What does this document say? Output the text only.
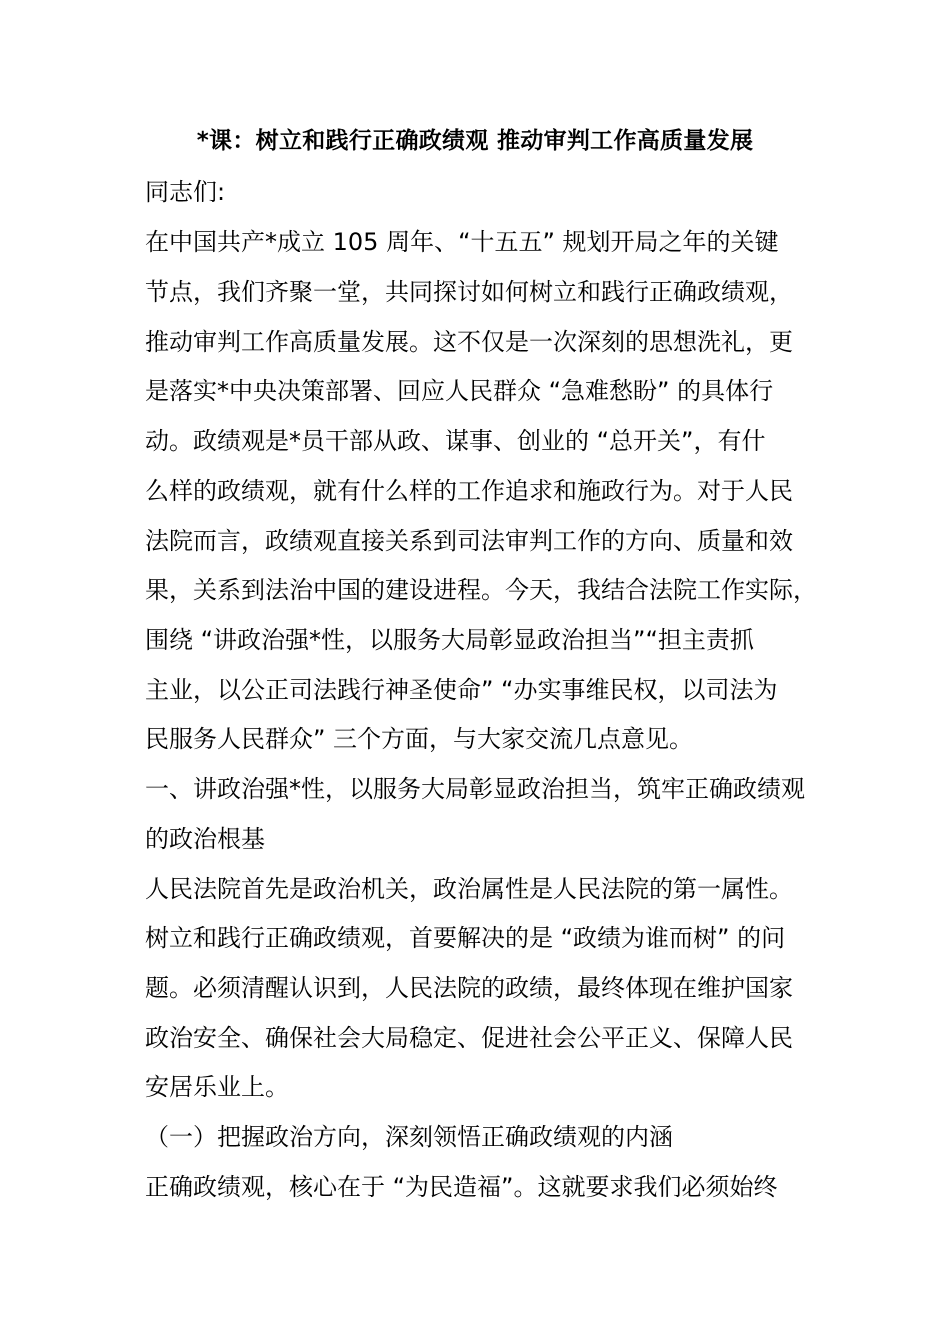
*课：树立和践行正确政绩观 推动审判工作高质量发展

同志们:

在中国共产*成立 105 周年、“十五五” 规划开局之年的关键

节点，我们齐聚一堂，共同探讨如何树立和践行正确政绩观，

推动审判工作高质量发展。这不仅是一次深刻的思想洗礼，更

是落实*中央决策部署、回应人民群众 “急难愁盼” 的具体行

动。政绩观是*员干部从政、谋事、创业的 “总开关”，有什

么样的政绩观，就有什么样的工作追求和施政行为。对于人民

法院而言，政绩观直接关系到司法审判工作的方向、质量和效

果，关系到法治中国的建设进程。今天，我结合法院工作实际，

围绕 “讲政治强*性，以服务大局彰显政治担当”“担主责抓

主业，以公正司法践行神圣使命” “办实事维民权，以司法为

民服务人民群众” 三个方面，与大家交流几点意见。

一、讲政治强*性，以服务大局彰显政治担当，筑牢正确政绩观

的政治根基

人民法院首先是政治机关，政治属性是人民法院的第一属性。

树立和践行正确政绩观，首要解决的是 “政绩为谁而树” 的问

题。必须清醒认识到，人民法院的政绩，最终体现在维护国家

政治安全、确保社会大局稳定、促进社会公平正义、保障人民

安居乐业上。

（一）把握政治方向，深刻领悟正确政绩观的内涵

正确政绩观，核心在于 “为民造福”。这就要求我们必须始终
